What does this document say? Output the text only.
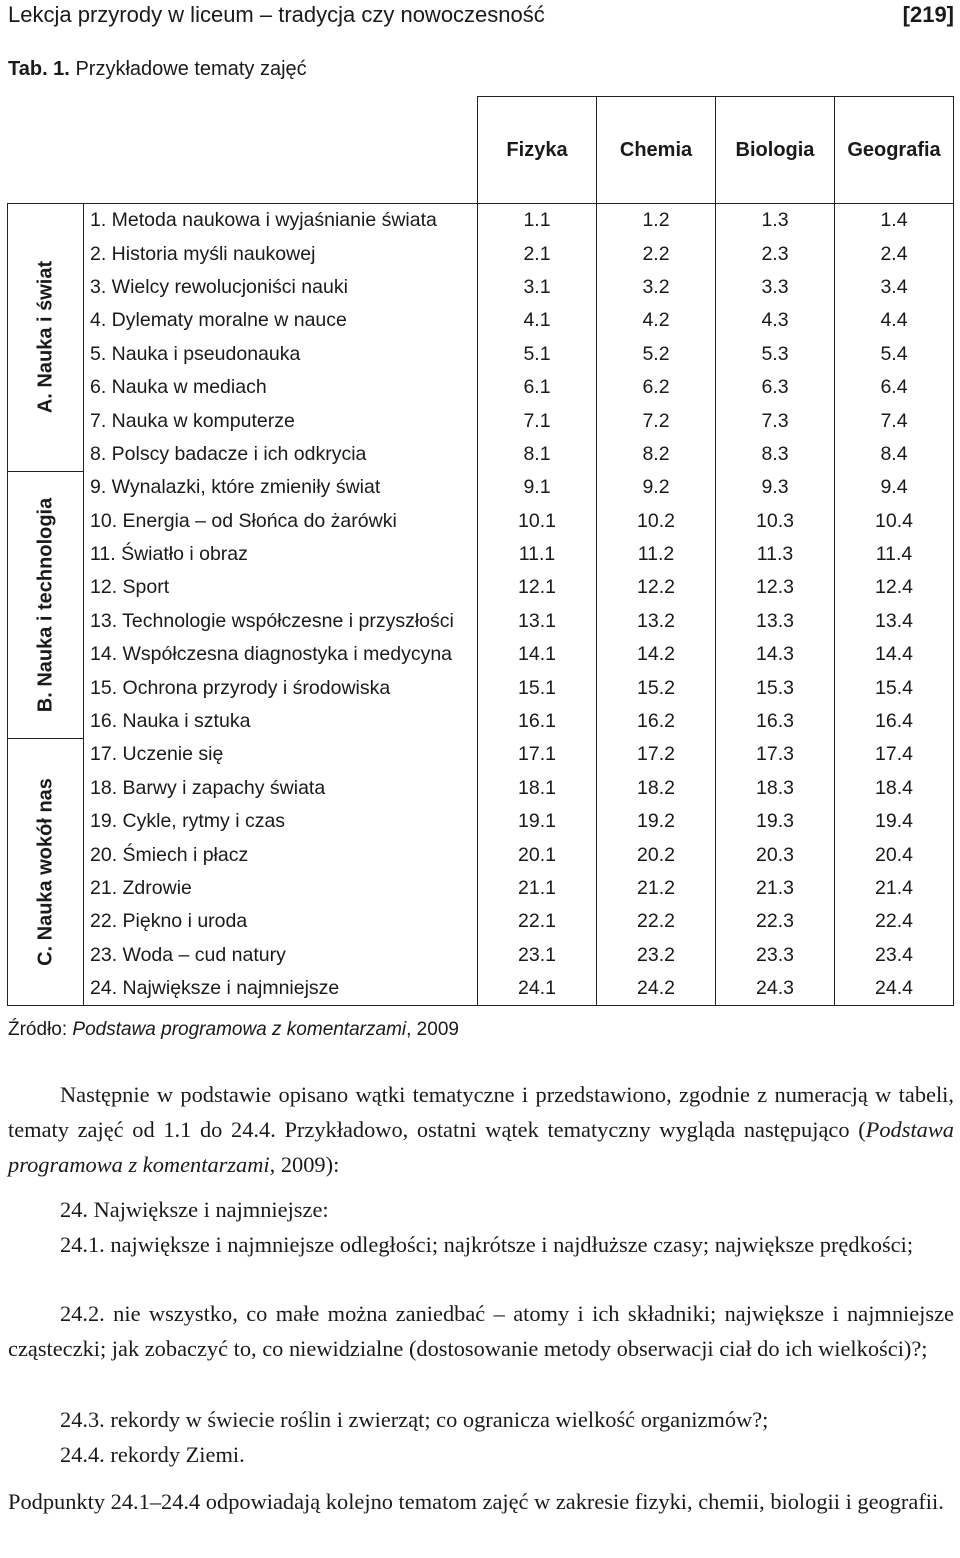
Lekcja przyrody w liceum – tradycja czy nowoczesność	[219]
Tab. 1. Przykładowe tematy zajęć
		Fizyka	Chemia	Biologia	Geografia

A. Nauka i świat	1. Metoda naukowa i wyjaśnianie świata	1.1	1.2	1.3	1.4
	2. Historia myśli naukowej	2.1	2.2	2.3	2.4
	3. Wielcy rewolucjoniści nauki	3.1	3.2	3.3	3.4
	4. Dylematy moralne w nauce	4.1	4.2	4.3	4.4
	5. Nauka i pseudonauka	5.1	5.2	5.3	5.4
	6. Nauka w mediach	6.1	6.2	6.3	6.4
	7. Nauka w komputerze	7.1	7.2	7.3	7.4
	8. Polscy badacze i ich odkrycia	8.1	8.2	8.3	8.4

B. Nauka i technologia	9. Wynalazki, które zmieniły świat	9.1	9.2	9.3	9.4
	10. Energia – od Słońca do żarówki	10.1	10.2	10.3	10.4
	11. Światło i obraz	11.1	11.2	11.3	11.4
	12. Sport	12.1	12.2	12.3	12.4
	13. Technologie współczesne i przyszłości	13.1	13.2	13.3	13.4
	14. Współczesna diagnostyka i medycyna	14.1	14.2	14.3	14.4
	15. Ochrona przyrody i środowiska	15.1	15.2	15.3	15.4
	16. Nauka i sztuka	16.1	16.2	16.3	16.4

C. Nauka wokół nas	17. Uczenie się	17.1	17.2	17.3	17.4
	18. Barwy i zapachy świata	18.1	18.2	18.3	18.4
	19. Cykle, rytmy i czas	19.1	19.2	19.3	19.4
	20. Śmiech i płacz	20.1	20.2	20.3	20.4
	21. Zdrowie	21.1	21.2	21.3	21.4
	22. Piękno i uroda	22.1	22.2	22.3	22.4
	23. Woda – cud natury	23.1	23.2	23.3	23.4
	24. Największe i najmniejsze	24.1	24.2	24.3	24.4
Źródło: Podstawa programowa z komentarzami, 2009
Następnie w podstawie opisano wątki tematyczne i przedstawiono, zgodnie z numeracją w tabeli, tematy zajęć od 1.1 do 24.4. Przykładowo, ostatni wątek tematyczny wygląda następująco (Podstawa programowa z komentarzami, 2009):
24. Największe i najmniejsze:
24.1. największe i najmniejsze odległości; najkrótsze i najdłuższe czasy; największe prędkości;
24.2. nie wszystko, co małe można zaniedbać – atomy i ich składniki; największe i najmniejsze cząsteczki; jak zobaczyć to, co niewidzialne (dostosowanie metody obserwacji ciał do ich wielkości)?;
24.3. rekordy w świecie roślin i zwierząt; co ogranicza wielkość organizmów?;
24.4. rekordy Ziemi.
Podpunkty 24.1–24.4 odpowiadają kolejno tematom zajęć w zakresie fizyki, chemii, biologii i geografii.
